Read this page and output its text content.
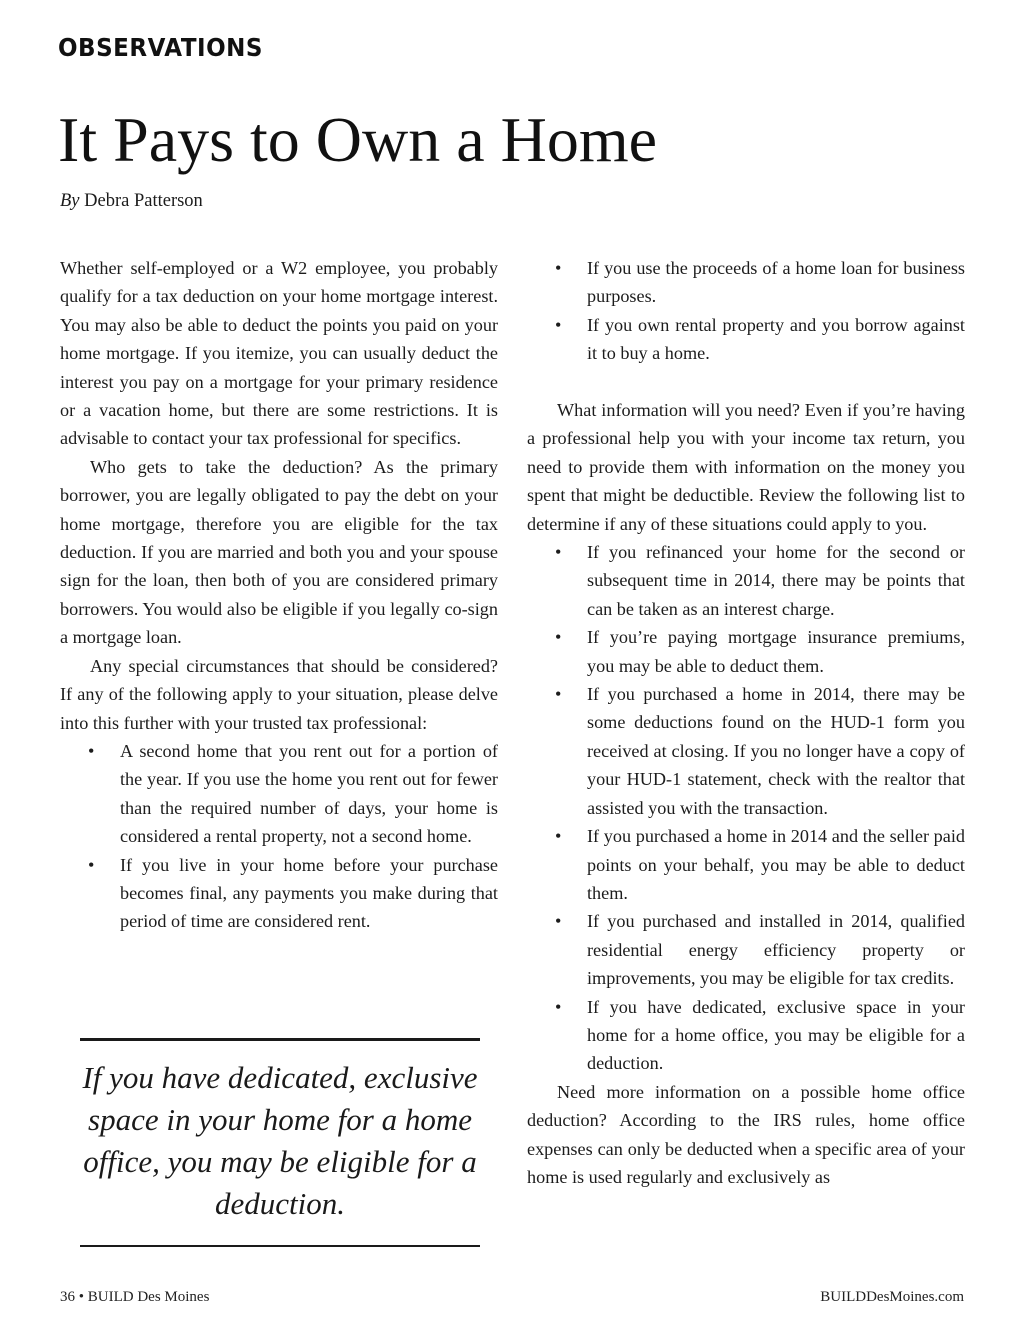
OBSERVATIONS
It Pays to Own a Home
By Debra Patterson

Whether self-employed or a W2 employee, you probably qualify for a tax deduction on your home mortgage interest. You may also be able to deduct the points you paid on your home mortgage. If you itemize, you can usually deduct the interest you pay on a mortgage for your primary residence or a vacation home, but there are some restrictions. It is advisable to contact your tax professional for specifics.

Who gets to take the deduction? As the primary borrower, you are legally obligated to pay the debt on your home mortgage, therefore you are eligible for the tax deduction. If you are married and both you and your spouse sign for the loan, then both of you are considered primary borrowers. You would also be eligible if you legally co-sign a mortgage loan.

Any special circumstances that should be considered? If any of the following apply to your situation, please delve into this further with your trusted tax professional:

• A second home that you rent out for a portion of the year. If you use the home you rent out for fewer than the required number of days, your home is considered a rental property, not a second home.
• If you live in your home before your purchase becomes final, any payments you make during that period of time are considered rent.
If you have dedicated, exclusive space in your home for a home office, you may be eligible for a deduction.
• If you use the proceeds of a home loan for business purposes.
• If you own rental property and you borrow against it to buy a home.

What information will you need? Even if you’re having a professional help you with your income tax return, you need to provide them with information on the money you spent that might be deductible. Review the following list to determine if any of these situations could apply to you.

• If you refinanced your home for the second or subsequent time in 2014, there may be points that can be taken as an interest charge.
• If you’re paying mortgage insurance premiums, you may be able to deduct them.
• If you purchased a home in 2014, there may be some deductions found on the HUD-1 form you received at closing. If you no longer have a copy of your HUD-1 statement, check with the realtor that assisted you with the transaction.
• If you purchased a home in 2014 and the seller paid points on your behalf, you may be able to deduct them.
• If you purchased and installed in 2014, qualified residential energy efficiency property or improvements, you may be eligible for tax credits.
• If you have dedicated, exclusive space in your home for a home office, you may be eligible for a deduction.

Need more information on a possible home office deduction? According to the IRS rules, home office expenses can only be deducted when a specific area of your home is used regularly and exclusively as

36 • BUILD Des Moines	BUILDDesMoines.com
